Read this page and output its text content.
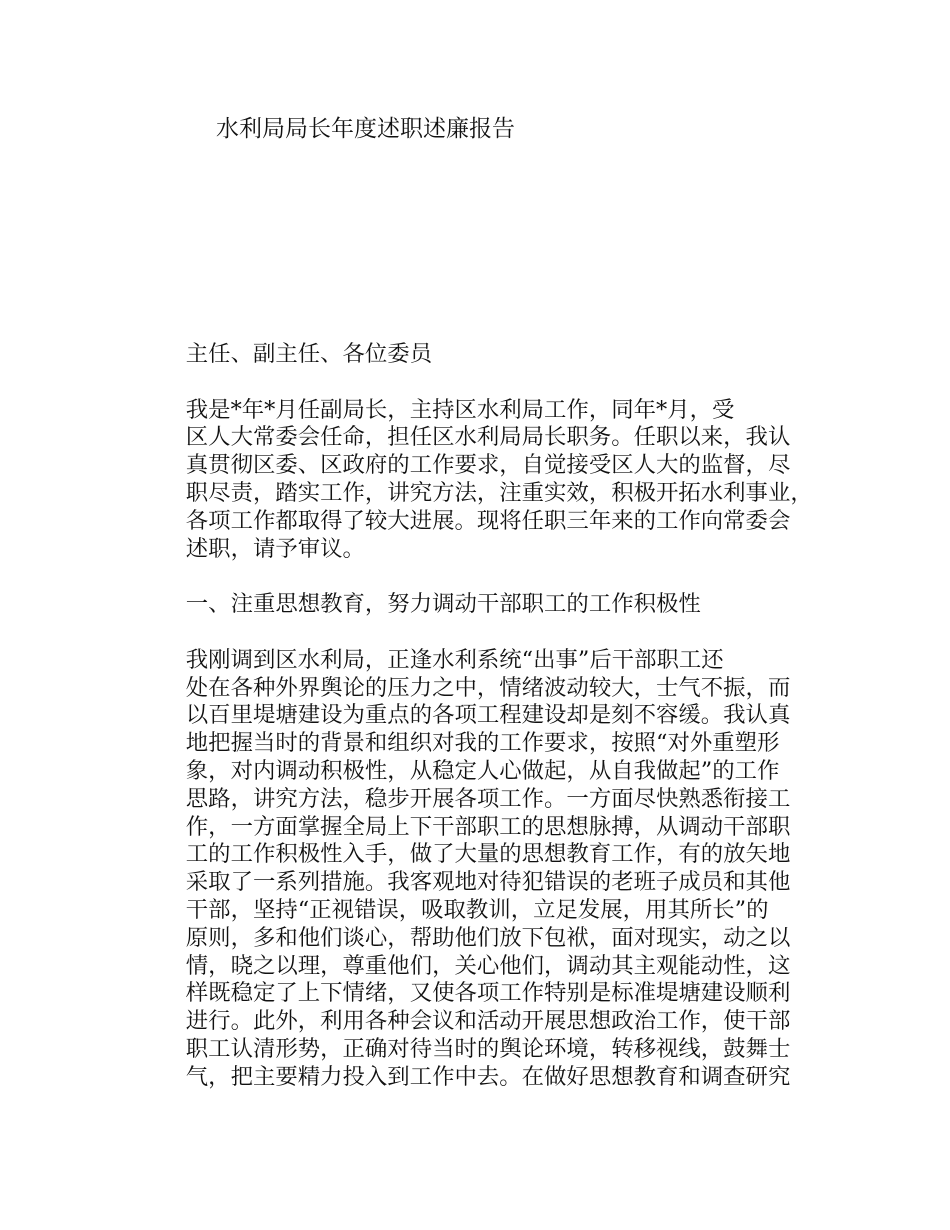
水利局局长年度述职述廉报告

主任、副主任、各位委员

我是*年*月任副局长，主持区水利局工作，同年*月，受
区人大常委会任命，担任区水利局局长职务。任职以来，我认
真贯彻区委、区政府的工作要求，自觉接受区人大的监督，尽
职尽责，踏实工作，讲究方法，注重实效，积极开拓水利事业，
各项工作都取得了较大进展。现将任职三年来的工作向常委会
述职，请予审议。

一、注重思想教育，努力调动干部职工的工作积极性

我刚调到区水利局，正逢水利系统“出事”后干部职工还
处在各种外界舆论的压力之中，情绪波动较大，士气不振，而
以百里堤塘建设为重点的各项工程建设却是刻不容缓。我认真
地把握当时的背景和组织对我的工作要求，按照“对外重塑形
象，对内调动积极性，从稳定人心做起，从自我做起”的工作
思路，讲究方法，稳步开展各项工作。一方面尽快熟悉衔接工
作，一方面掌握全局上下干部职工的思想脉搏，从调动干部职
工的工作积极性入手，做了大量的思想教育工作，有的放矢地
采取了一系列措施。我客观地对待犯错误的老班子成员和其他
干部，坚持“正视错误，吸取教训，立足发展，用其所长”的
原则，多和他们谈心，帮助他们放下包袱，面对现实，动之以
情，晓之以理，尊重他们，关心他们，调动其主观能动性，这
样既稳定了上下情绪，又使各项工作特别是标准堤塘建设顺利
进行。此外，利用各种会议和活动开展思想政治工作，使干部
职工认清形势，正确对待当时的舆论环境，转移视线，鼓舞士
气，把主要精力投入到工作中去。在做好思想教育和调查研究
